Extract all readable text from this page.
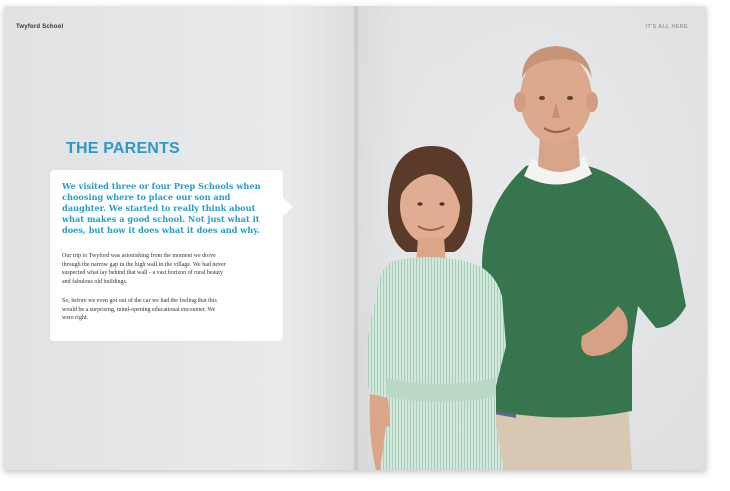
Twyford School
THE PARENTS

We visited three or four Prep Schools when choosing where to place our son and daughter. We started to really think about what makes a good school. Not just what it does, but how it does what it does and why.

Our trip to Twyford was astonishing from the moment we drove through the narrow gap in the high wall in the village. We had never suspected what lay behind that wall - a vast horizon of rural beauty and fabulous old buildings.

So, before we even got out of the car we had the feeling that this would be a surprising, mind-opening educational encounter. We were right.
